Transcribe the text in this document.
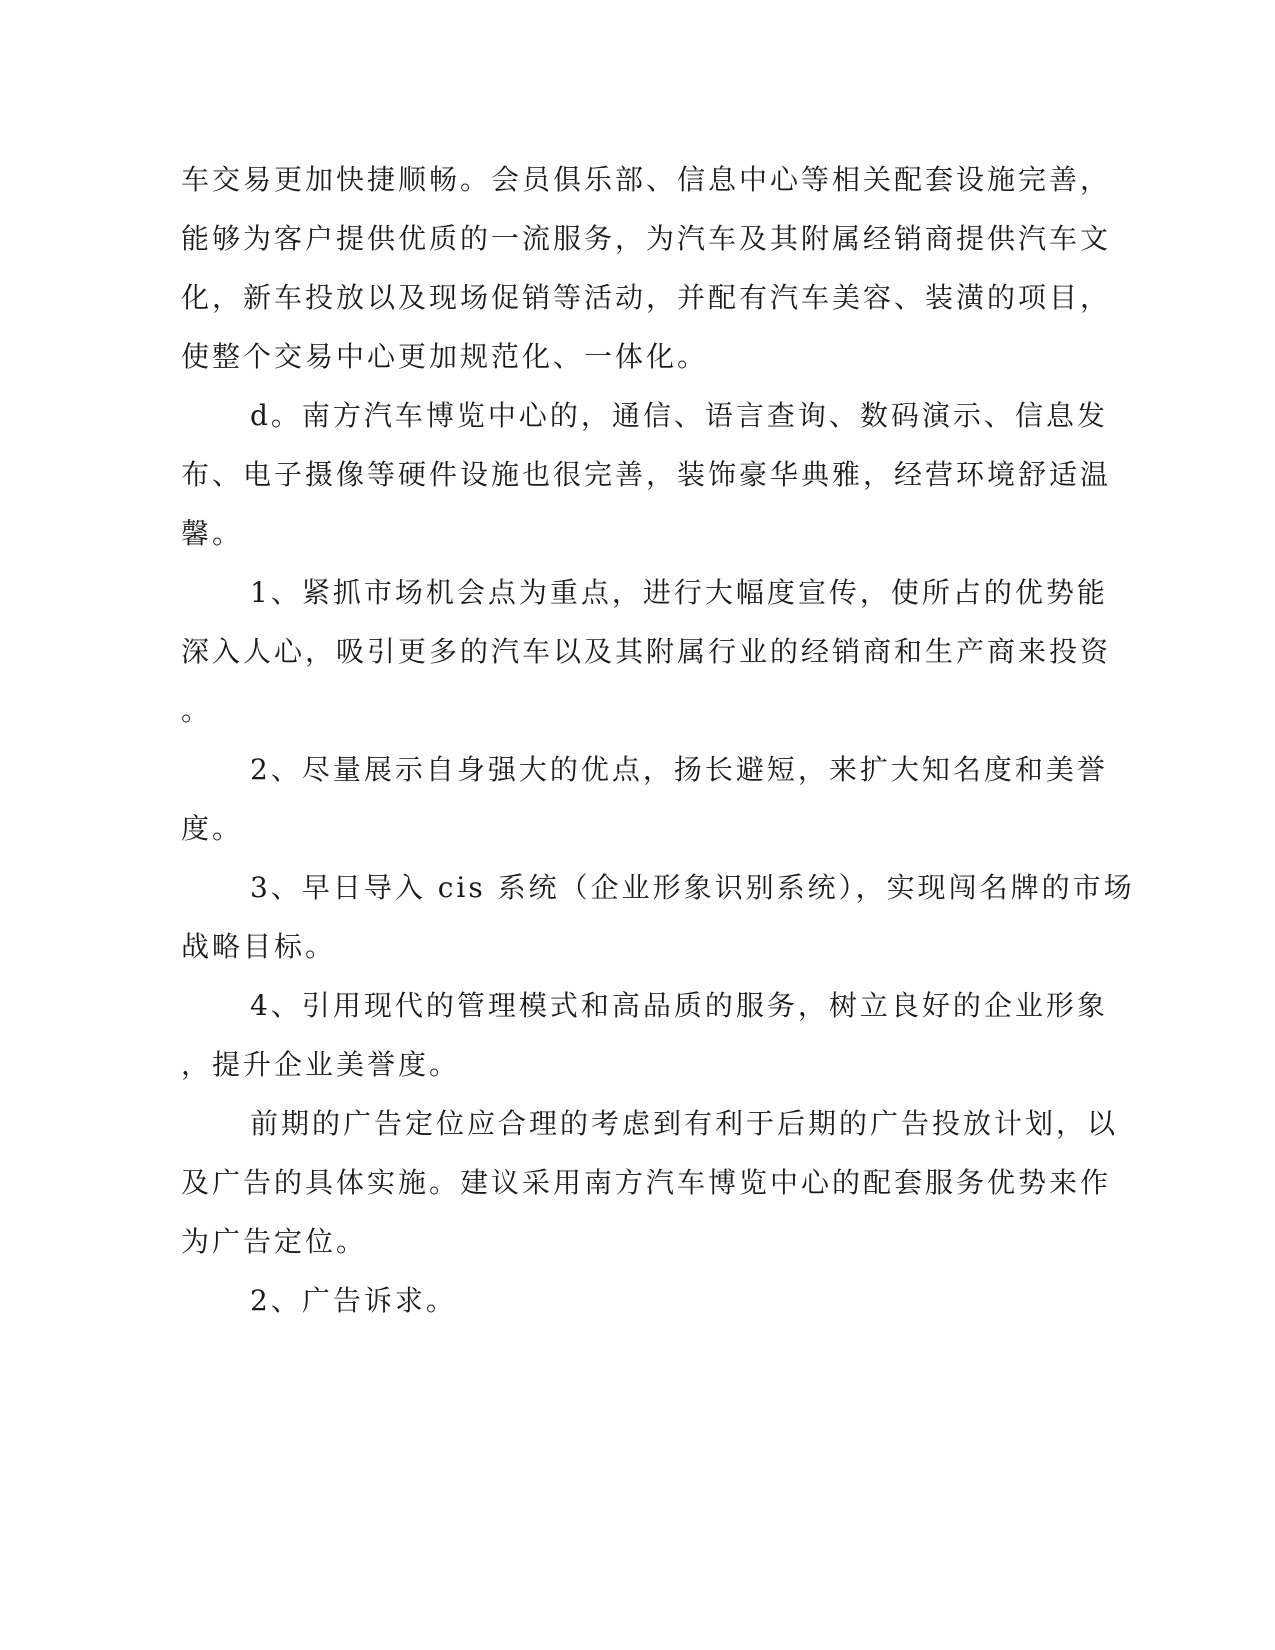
车交易更加快捷顺畅。会员俱乐部、信息中心等相关配套设施完善，

能够为客户提供优质的一流服务，为汽车及其附属经销商提供汽车文

化，新车投放以及现场促销等活动，并配有汽车美容、装潢的项目，

使整个交易中心更加规范化、一体化。

d。南方汽车博览中心的，通信、语言查询、数码演示、信息发

布、电子摄像等硬件设施也很完善，装饰豪华典雅，经营环境舒适温

馨。

1、紧抓市场机会点为重点，进行大幅度宣传，使所占的优势能

深入人心，吸引更多的汽车以及其附属行业的经销商和生产商来投资

。

2、尽量展示自身强大的优点，扬长避短，来扩大知名度和美誉

度。

3、早日导入 cis 系统（企业形象识别系统），实现闯名牌的市场

战略目标。

4、引用现代的管理模式和高品质的服务，树立良好的企业形象

，提升企业美誉度。

前期的广告定位应合理的考虑到有利于后期的广告投放计划，以

及广告的具体实施。建议采用南方汽车博览中心的配套服务优势来作

为广告定位。

2、广告诉求。
